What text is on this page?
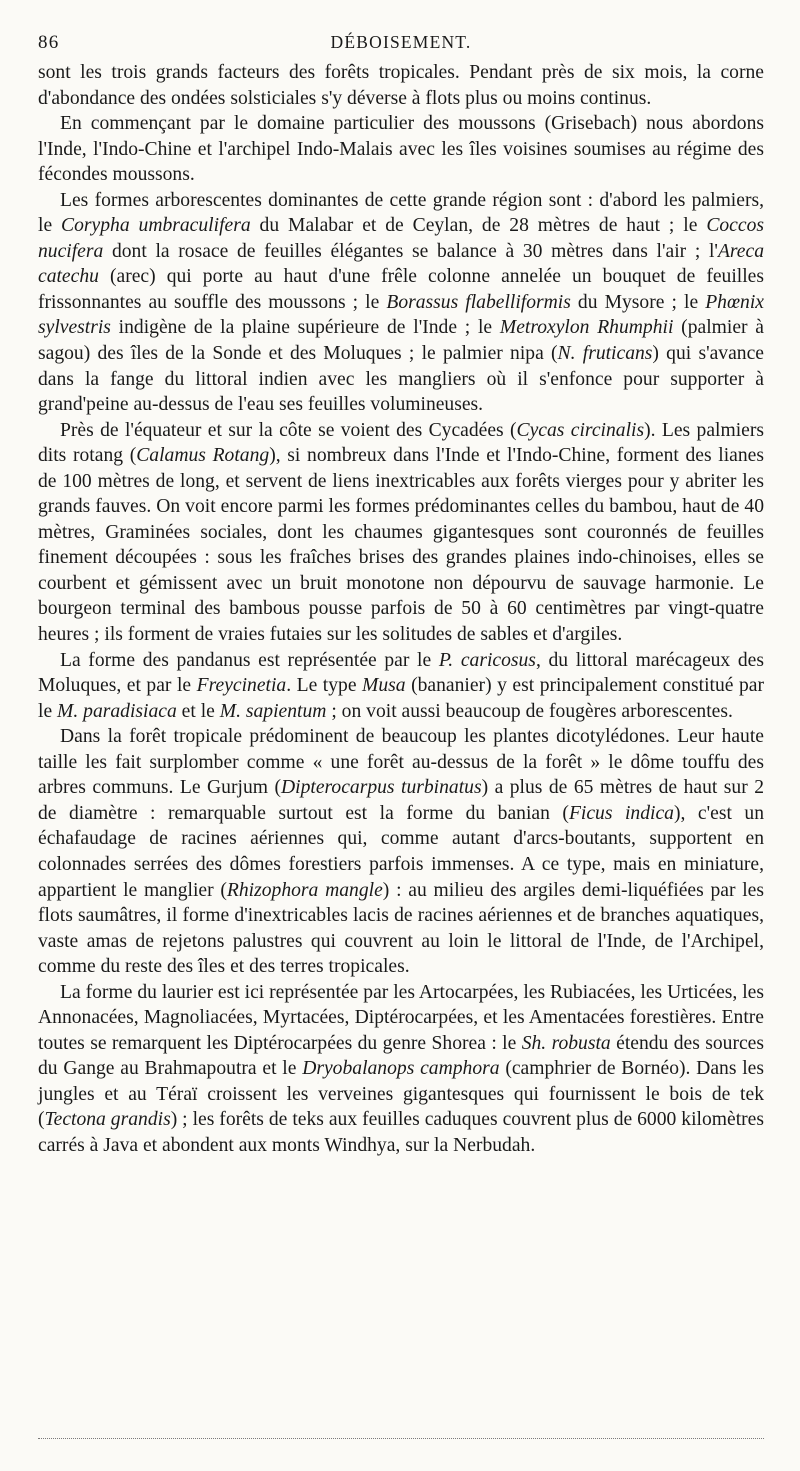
86	DÉBOISEMENT.

sont les trois grands facteurs des forêts tropicales. Pendant près de six mois, la corne d'abondance des ondées solsticiales s'y déverse à flots plus ou moins continus.

En commençant par le domaine particulier des moussons (Grisebach) nous abordons l'Inde, l'Indo-Chine et l'archipel Indo-Malais avec les îles voisines soumises au régime des fécondes moussons.

Les formes arborescentes dominantes de cette grande région sont : d'abord les palmiers, le Corypha umbraculifera du Malabar et de Ceylan, de 28 mètres de haut ; le Coccos nucifera dont la rosace de feuilles élégantes se balance à 30 mètres dans l'air ; l'Areca catechu (arec) qui porte au haut d'une frêle colonne annelée un bouquet de feuilles frissonnantes au souffle des moussons ; le Borassus flabelliformis du Mysore ; le Phœnix sylvestris indigène de la plaine supérieure de l'Inde ; le Metroxylon Rhumphii (palmier à sagou) des îles de la Sonde et des Moluques ; le palmier nipa (N. fruticans) qui s'avance dans la fange du littoral indien avec les mangliers où il s'enfonce pour supporter à grand'peine au-dessus de l'eau ses feuilles volumineuses.

Près de l'équateur et sur la côte se voient des Cycadées (Cycas circinalis). Les palmiers dits rotang (Calamus Rotang), si nombreux dans l'Inde et l'Indo-Chine, forment des lianes de 100 mètres de long, et servent de liens inextricables aux forêts vierges pour y abriter les grands fauves. On voit encore parmi les formes prédominantes celles du bambou, haut de 40 mètres, Graminées sociales, dont les chaumes gigantesques sont couronnés de feuilles finement découpées : sous les fraîches brises des grandes plaines indo-chinoises, elles se courbent et gémissent avec un bruit monotone non dépourvu de sauvage harmonie. Le bourgeon terminal des bambous pousse parfois de 50 à 60 centimètres par vingt-quatre heures ; ils forment de vraies futaies sur les solitudes de sables et d'argiles.

La forme des pandanus est représentée par le P. caricosus, du littoral marécageux des Moluques, et par le Freycinetia. Le type Musa (bananier) y est principalement constitué par le M. paradisiaca et le M. sapientum ; on voit aussi beaucoup de fougères arborescentes.

Dans la forêt tropicale prédominent de beaucoup les plantes dicotylédones. Leur haute taille les fait surplomber comme « une forêt au-dessus de la forêt » le dôme touffu des arbres communs. Le Gurjum (Dipterocarpus turbinatus) a plus de 65 mètres de haut sur 2 de diamètre : remarquable surtout est la forme du banian (Ficus indica), c'est un échafaudage de racines aériennes qui, comme autant d'arcs-boutants, supportent en colonnades serrées des dômes forestiers parfois immenses. A ce type, mais en miniature, appartient le manglier (Rhizophora mangle) : au milieu des argiles demi-liquéfiées par les flots saumâtres, il forme d'inextricables lacis de racines aériennes et de branches aquatiques, vaste amas de rejetons palustres qui couvrent au loin le littoral de l'Inde, de l'Archipel, comme du reste des îles et des terres tropicales.

La forme du laurier est ici représentée par les Artocarpées, les Rubiacées, les Urticées, les Annonacées, Magnoliacées, Myrtacées, Diptérocarpées, et les Amentacées forestières. Entre toutes se remarquent les Diptérocarpées du genre Shorea : le Sh. robusta étendu des sources du Gange au Brahmapoutra et le Dryobalanops camphora (camphrier de Bornéo). Dans les jungles et au Téraï croissent les verveines gigantesques qui fournissent le bois de tek (Tectona grandis) ; les forêts de teks aux feuilles caduques couvrent plus de 6000 kilomètres carrés à Java et abondent aux monts Windhya, sur la Nerbudah.
